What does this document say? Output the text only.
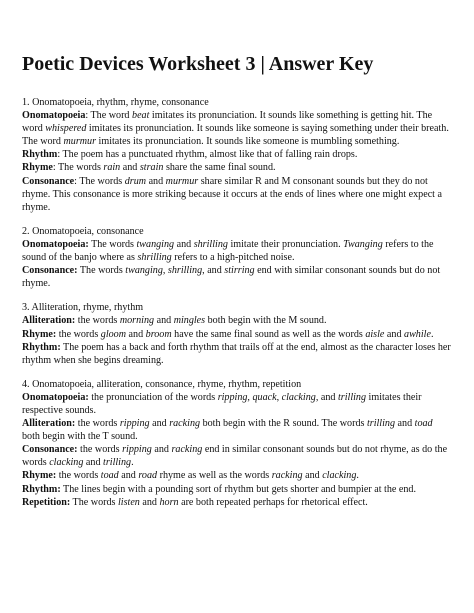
Poetic Devices Worksheet 3 | Answer Key

1. Onomatopoeia, rhythm, rhyme, consonance

Onomatopoeia: The word beat imitates its pronunciation. It sounds like something is getting hit. The word whispered imitates its pronunciation. It sounds like someone is saying something under their breath. The word murmur imitates its pronunciation. It sounds like someone is mumbling something.

Rhythm: The poem has a punctuated rhythm, almost like that of falling rain drops.

Rhyme: The words rain and strain share the same final sound.

Consonance: The words drum and murmur share similar R and M consonant sounds but they do not rhyme. This consonance is more striking because it occurs at the ends of lines where one might expect a rhyme.

2. Onomatopoeia, consonance

Onomatopoeia: The words twanging and shrilling imitate their pronunciation. Twanging refers to the sound of the banjo where as shrilling refers to a high-pitched noise.

Consonance: The words twanging, shrilling, and stirring end with similar consonant sounds but do not rhyme.

3. Alliteration, rhyme, rhythm

Alliteration: the words morning and mingles both begin with the M sound.

Rhyme: the words gloom and broom have the same final sound as well as the words aisle and awhile.

Rhythm: The poem has a back and forth rhythm that trails off at the end, almost as the character loses her rhythm when she begins dreaming.

4. Onomatopoeia, alliteration, consonance, rhyme, rhythm, repetition

Onomatopoeia: the pronunciation of the words ripping, quack, clacking, and trilling imitates their respective sounds.

Alliteration: the words ripping and racking both begin with the R sound. The words trilling and toad both begin with the T sound.

Consonance: the words ripping and racking end in similar consonant sounds but do not rhyme, as do the words clacking and trilling.

Rhyme: the words toad and road rhyme as well as the words racking and clacking.

Rhythm: The lines begin with a pounding sort of rhythm but gets shorter and bumpier at the end.

Repetition: The words listen and horn are both repeated perhaps for rhetorical effect.
